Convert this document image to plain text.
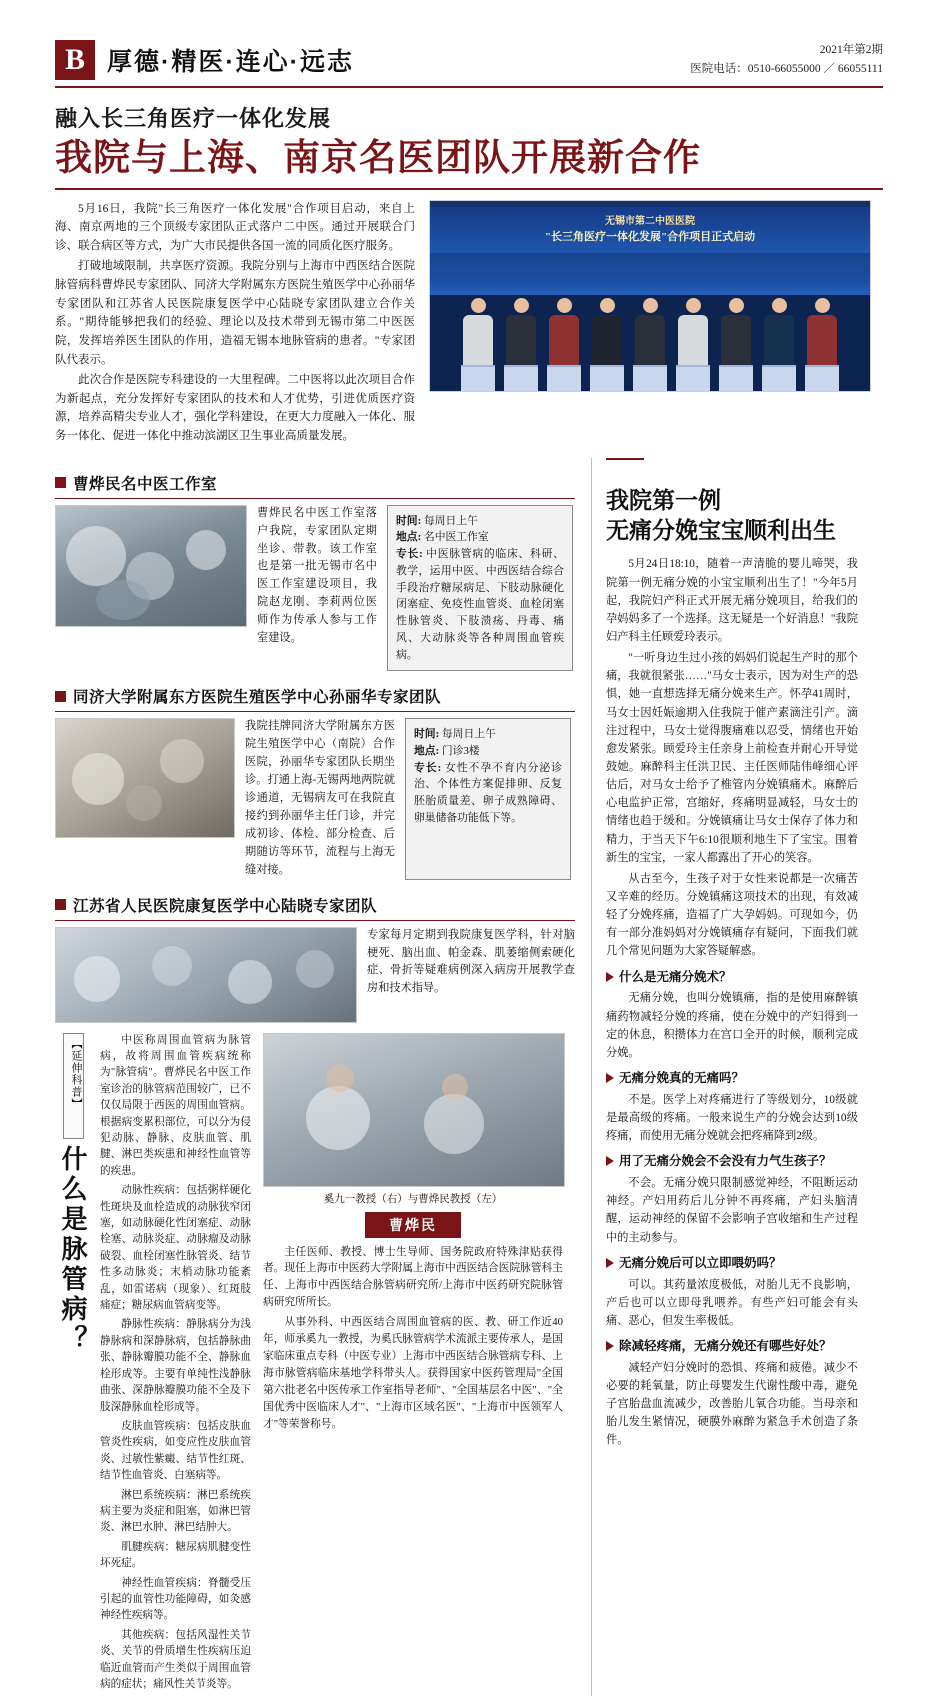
B 厚德·精医·连心·远志	2021年第2期
医院电话：0510-66055000 ／ 66055111
融入长三角医疗一体化发展
我院与上海、南京名医团队开展新合作

5月16日，我院"长三角医疗一体化发展"合作项目启动，来自上海、南京两地的三个顶级专家团队正式落户二中医。通过开展联合门诊、联合病区等方式，为广大市民提供各国一流的同质化医疗服务。

打破地域限制，共享医疗资源。我院分别与上海市中西医结合医院脉管病科曹烨民专家团队、同济大学附属东方医院生殖医学中心孙丽华专家团队和江苏省人民医院康复医学中心陆晓专家团队建立合作关系。"期待能够把我们的经验、理论以及技术带到无锡市第二中医医院，发挥培养医生团队的作用，造福无锡本地脉管病的患者。"专家团队代表示。

此次合作是医院专科建设的一大里程碑。二中医将以此次项目合作为新起点，充分发挥好专家团队的技术和人才优势，引进优质医疗资源，培养高精尖专业人才，强化学科建设，在更大力度融入一体化、服务一体化、促进一体化中推动滨湖区卫生事业高质量发展。

无锡市第二中医医院
"长三角医疗一体化发展"合作项目正式启动
曹烨民名中医工作室
曹烨民名中医工作室落户我院，专家团队定期坐诊、带教。该工作室也是第一批无锡市名中医工作室建设项目，我院赵龙刚、李莉两位医师作为传承人参与工作室建设。
时间: 每周日上午
地点: 名中医工作室
专长: 中医脉管病的临床、科研、教学，运用中医、中西医结合综合手段治疗糖尿病足、下肢动脉硬化闭塞症、免疫性血管炎、血栓闭塞性脉管炎、下肢溃疡、丹毒、痛风、大动脉炎等各种周围血管疾病。
同济大学附属东方医院生殖医学中心孙丽华专家团队
我院挂牌同济大学附属东方医院生殖医学中心（南院）合作医院，孙丽华专家团队长期坐诊。打通上海-无锡两地两院就诊通道，无锡病友可在我院直接约到孙丽华主任门诊，并完成初诊、体检、部分检查、后期随访等环节，流程与上海无缝对接。
时间: 每周日上午
地点: 门诊3楼
专长: 女性不孕不育内分泌诊治、个体性方案促排卵、反复胚胎质量差、卵子成熟障碍、卵巢储备功能低下等。
江苏省人民医院康复医学中心陆晓专家团队
专家每月定期到我院康复医学科，针对脑梗死、脑出血、帕金森、肌萎缩侧索硬化症、骨折等疑难病例深入病房开展教学查房和技术指导。
【延伸科普】
什么是脉管病？

中医称周围血管病为脉管病，故将周围血管疾病统称为"脉管病"。曹烨民名中医工作室诊治的脉管病范围较广，已不仅仅局限于西医的周围血管病。根据病变累积部位，可以分为侵犯动脉、静脉、皮肤血管、肌腱、淋巴类疾患和神经性血管等的疾患。

动脉性疾病：包括粥样硬化性斑块及血栓造成的动脉狭窄闭塞，如动脉硬化性闭塞症、动脉栓塞、动脉炎症、动脉瘤及动脉破裂、血栓闭塞性脉管炎、结节性多动脉炎；末梢动脉功能紊乱，如雷诺病（现象）、红斑肢痛症；糖尿病血管病变等。

静脉性疾病：静脉病分为浅静脉病和深静脉病，包括静脉曲张、静脉瓣膜功能不全、静脉血栓形成等。主要有单纯性浅静脉曲张、深静脉瓣膜功能不全及下肢深静脉血栓形成等。

皮肤血管疾病：包括皮肤血管炎性疾病，如变应性皮肤血管炎、过敏性紫癜、结节性红斑、结节性血管炎、白塞病等。

淋巴系统疾病：淋巴系统疾病主要为炎症和阻塞，如淋巴管炎、淋巴水肿、淋巴结肿大。

肌腱疾病：糖尿病肌腱变性坏死症。

神经性血管疾病：脊髓受压引起的血管性功能障碍，如灸感神经性疾病等。

其他疾病：包括风湿性关节炎、关节的骨质增生性疾病压迫临近血管而产生类似于周围血管病的症状；痛风性关节炎等。

奚九一教授（右）与曹烨民教授（左）
曹烨民

主任医师、教授、博士生导师、国务院政府特殊津贴获得者。现任上海市中医药大学附属上海市中西医结合医院脉管科主任、上海市中西医结合脉管病研究所/上海市中医药研究院脉管病研究所所长。

从事外科、中西医结合周围血管病的医、教、研工作近40年，师承奚九一教授，为奚氏脉管病学术流派主要传承人，是国家临床重点专科（中医专业）上海市中西医结合脉管病专科、上海市脉管病临床基地学科带头人。获得国家中医药管理局"全国第六批老名中医传承工作室指导老师"、"全国基层名中医"、"全国优秀中医临床人才"、"上海市区域名医"、"上海市中医领军人才"等荣誉称号。

我院第一例
无痛分娩宝宝顺利出生

5月24日18:10，随着一声清脆的婴儿啼哭，我院第一例无痛分娩的小宝宝顺利出生了！"今年5月起，我院妇产科正式开展无痛分娩项目，给我们的孕妈妈多了一个选择。这无疑是一个好消息！"我院妇产科主任顾爱玲表示。

"一听身边生过小孩的妈妈们说起生产时的那个痛，我就很紧张……"马女士表示，因为对生产的恐惧，她一直想选择无痛分娩来生产。怀孕41周时，马女士因妊娠逾期入住我院于催产素滴注引产。滴注过程中，马女士觉得腹痛难以忍受，情绪也开始愈发紧张。顾爱玲主任亲身上前检查并耐心开导觉鼓她。麻醉科主任洪卫民、主任医师陆伟峰细心评估后，对马女士给予了椎管内分娩镇痛术。麻醉后心电监护正常，宫缩好，疼痛明显减轻，马女士的情绪也趋于缓和。分娩镇痛让马女士保存了体力和精力，于当天下午6:10很顺利地生下了宝宝。围着新生的宝宝，一家人都露出了开心的笑容。

从古至今，生孩子对于女性来说都是一次痛苦又辛难的经历。分娩镇痛这项技术的出现，有效减轻了分娩疼痛，造福了广大孕妈妈。可现如今，仍有一部分准妈妈对分娩镇痛存有疑问，下面我们就几个常见问题为大家答疑解惑。

什么是无痛分娩术？

无痛分娩，也叫分娩镇痛，指的是使用麻醉镇痛药物减轻分娩的疼痛，使在分娩中的产妇得到一定的休息，积攒体力在宫口全开的时候，顺利完成分娩。

无痛分娩真的无痛吗？

不是。医学上对疼痛进行了等级划分，10级就是最高级的疼痛。一般来说生产的分娩会达到10级疼痛，而使用无痛分娩就会把疼痛降到2级。

用了无痛分娩会不会没有力气生孩子？

不会。无痛分娩只限制感觉神经，不阻断运动神经。产妇用药后儿分钟不再疼痛，产妇头脑清醒，运动神经的保留不会影响子宫收缩和生产过程中的主动参与。

无痛分娩后可以立即喂奶吗？

可以。其药量浓度极低，对胎儿无不良影响，产后也可以立即母乳喂养。有些产妇可能会有头痛、恶心，但发生率极低。

除减轻疼痛，无痛分娩还有哪些好处？

减轻产妇分娩时的恐惧、疼痛和疲倦。减少不必要的耗氧量，防止母婴发生代谢性酸中毒，避免子宫胎盘血流减少，改善胎儿氧合功能。当母亲和胎儿发生紧情况，硬膜外麻醉为紧急手术创造了条件。
